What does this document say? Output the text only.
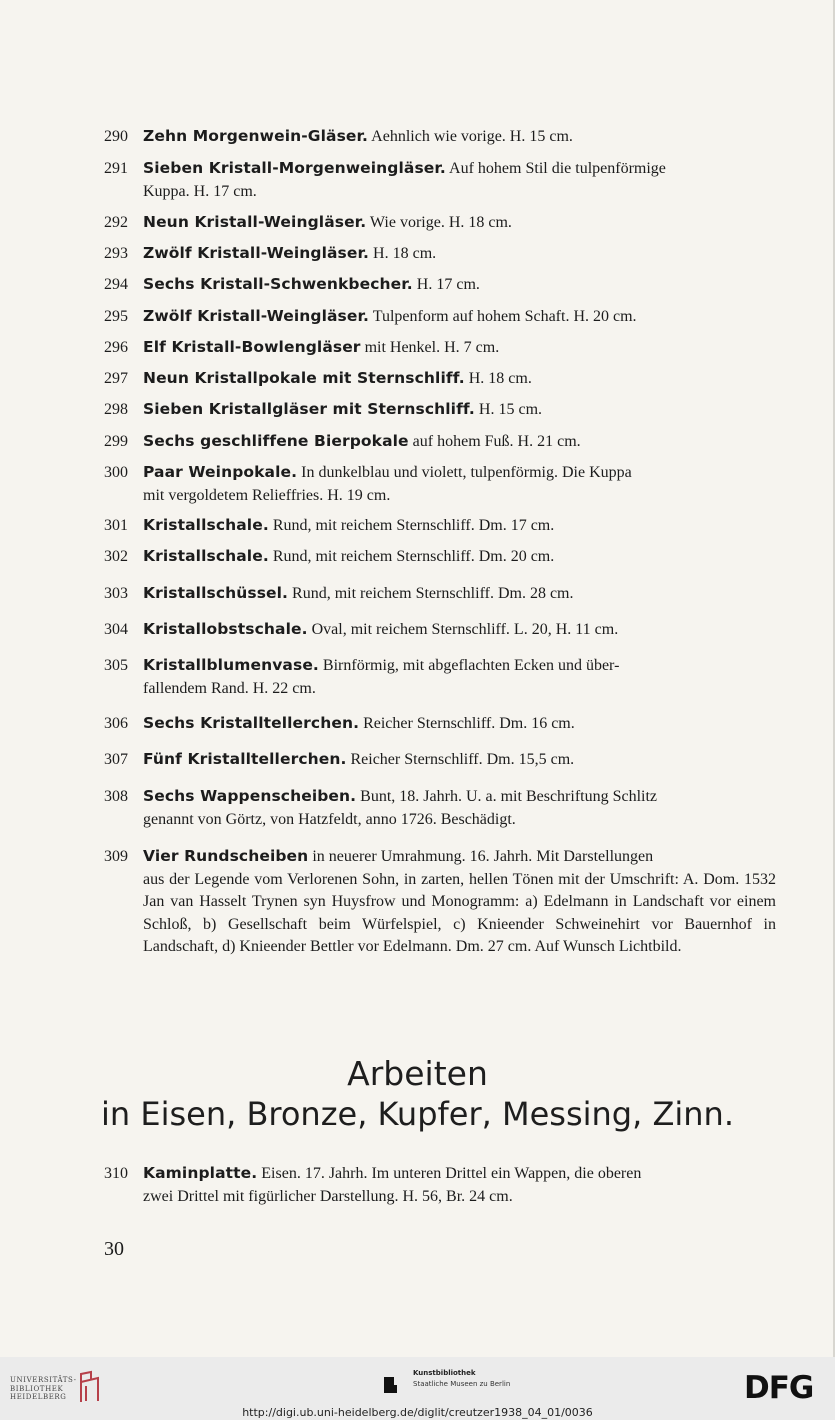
290 Zehn Morgenwein-Gläser. Aehnlich wie vorige. H. 15 cm.
291 Sieben Kristall-Morgenweingläser. Auf hohem Stil die tulpenförmige
Kuppa. H. 17 cm.
292 Neun Kristall-Weingläser. Wie vorige. H. 18 cm.
293 Zwölf Kristall-Weingläser. H. 18 cm.
294 Sechs Kristall-Schwenkbecher. H. 17 cm.
295 Zwölf Kristall-Weingläser. Tulpenform auf hohem Schaft. H. 20 cm.
296 Elf Kristall-Bowlengläser mit Henkel. H. 7 cm.
297 Neun Kristallpokale mit Sternschliff. H. 18 cm.
298 Sieben Kristallgläser mit Sternschliff. H. 15 cm.
299 Sechs geschliffene Bierpokale auf hohem Fuß. H. 21 cm.
300 Paar Weinpokale. In dunkelblau und violett, tulpenförmig. Die Kuppa
mit vergoldetem Relieffries. H. 19 cm.
301 Kristallschale. Rund, mit reichem Sternschliff. Dm. 17 cm.
302 Kristallschale. Rund, mit reichem Sternschliff. Dm. 20 cm.
303 Kristallschüssel. Rund, mit reichem Sternschliff. Dm. 28 cm.
304 Kristallobstschale. Oval, mit reichem Sternschliff. L. 20, H. 11 cm.
305 Kristallblumenvase. Birnförmig, mit abgeflachten Ecken und über-
fallendem Rand. H. 22 cm.
306 Sechs Kristalltellerchen. Reicher Sternschliff. Dm. 16 cm.
307 Fünf Kristalltellerchen. Reicher Sternschliff. Dm. 15,5 cm.
308 Sechs Wappenscheiben. Bunt, 18. Jahrh. U. a. mit Beschriftung Schlitz
genannt von Görtz, von Hatzfeldt, anno 1726. Beschädigt.
309 Vier Rundscheiben in neuerer Umrahmung. 16. Jahrh. Mit Darstellungen
aus der Legende vom Verlorenen Sohn, in zarten, hellen Tönen mit der Umschrift: A. Dom. 1532 Jan van Hasselt Trynen syn Huysfrow und Monogramm: a) Edelmann in Landschaft vor einem Schloß, b) Gesellschaft beim Würfelspiel, c) Knieender Schweinehirt vor Bauernhof in Landschaft, d) Knieender Bettler vor Edelmann. Dm. 27 cm. Auf Wunsch Lichtbild.
Arbeiten
in Eisen, Bronze, Kupfer, Messing, Zinn.
310 Kaminplatte. Eisen. 17. Jahrh. Im unteren Drittel ein Wappen, die oberen
zwei Drittel mit figürlicher Darstellung. H. 56, Br. 24 cm.
30
UNIVERSITÄTS-
BIBLIOTHEK
HEIDELBERG
Kunstbibliothek
Staatliche Museen zu Berlin	DFG
http://digi.ub.uni-heidelberg.de/diglit/creutzer1938_04_01/0036
